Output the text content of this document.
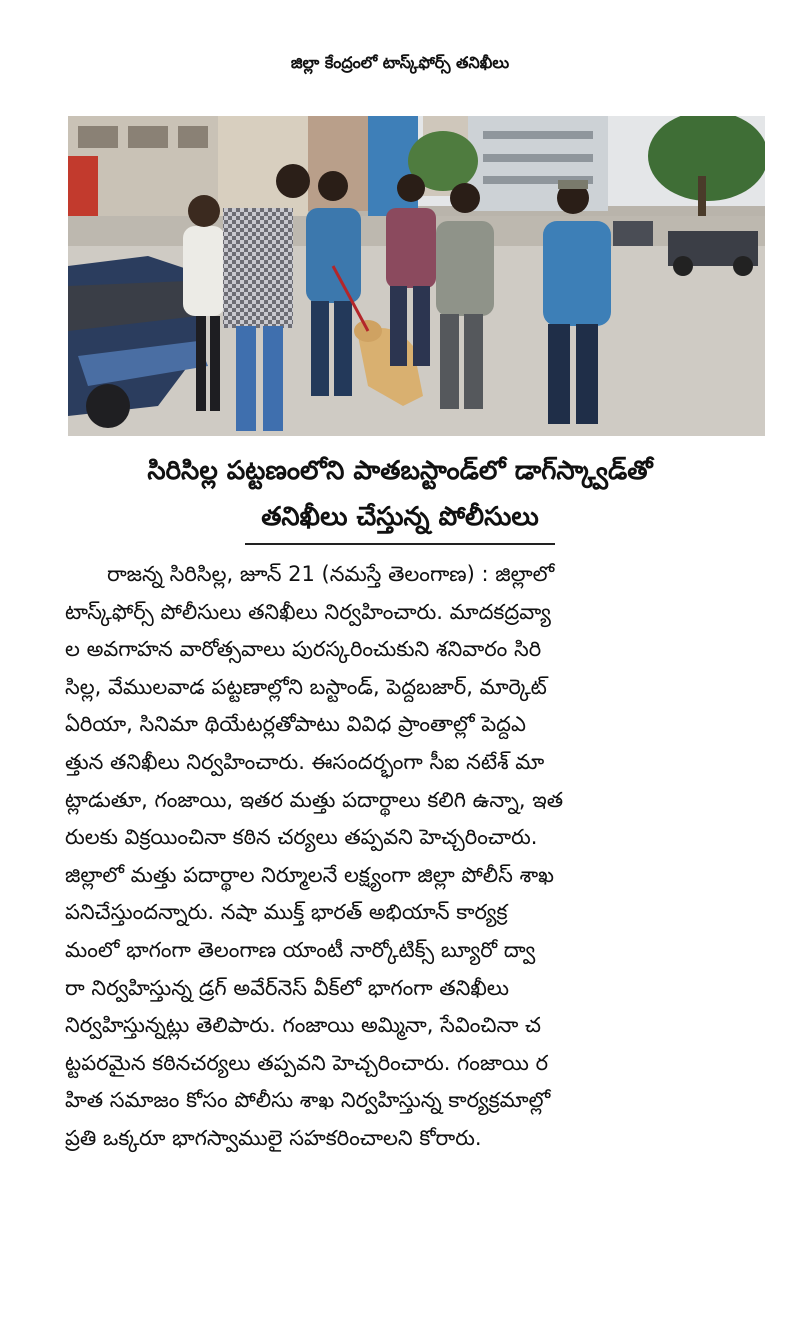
జిల్లా కేంద్రంలో టాస్క్‌ఫోర్స్ తనిఖీలు
సిరిసిల్ల పట్టణంలోని పాతబస్టాండ్‌లో డాగ్‌స్క్వాడ్‌తో
తనిఖీలు చేస్తున్న పోలీసులు
రాజన్న సిరిసిల్ల, జూన్ 21 (నమస్తే తెలంగాణ) : జిల్లాలో
టాస్క్‌ఫోర్స్ పోలీసులు తనిఖీలు నిర్వహించారు. మాదకద్రవ్యా
ల అవగాహన వారోత్సవాలు పురస్కరించుకుని శనివారం సిరి
సిల్ల, వేములవాడ పట్టణాల్లోని బస్టాండ్, పెద్దబజార్, మార్కెట్
ఏరియా, సినిమా థియేటర్లతోపాటు వివిధ ప్రాంతాల్లో పెద్దఎ
త్తున తనిఖీలు నిర్వహించారు. ఈసందర్భంగా సీఐ నటేశ్ మా
ట్లాడుతూ, గంజాయి, ఇతర మత్తు పదార్థాలు కలిగి ఉన్నా, ఇత
రులకు విక్రయించినా కఠిన చర్యలు తప్పవని హెచ్చరించారు.
జిల్లాలో మత్తు పదార్థాల నిర్మూలనే లక్ష్యంగా జిల్లా పోలీస్ శాఖ
పనిచేస్తుందన్నారు. నషా ముక్త్ భారత్ అభియాన్ కార్యక్ర
మంలో భాగంగా తెలంగాణ యాంటీ నార్కోటిక్స్ బ్యూరో ద్వా
రా నిర్వహిస్తున్న డ్రగ్ అవేర్‌నెస్ వీక్‌లో భాగంగా తనిఖీలు
నిర్వహిస్తున్నట్లు తెలిపారు. గంజాయి అమ్మినా, సేవించినా చ
ట్టపరమైన కఠినచర్యలు తప్పవని హెచ్చరించారు. గంజాయి ర
హిత సమాజం కోసం పోలీసు శాఖ నిర్వహిస్తున్న కార్యక్రమాల్లో
ప్రతి ఒక్కరూ భాగస్వాములై సహకరించాలని కోరారు.
